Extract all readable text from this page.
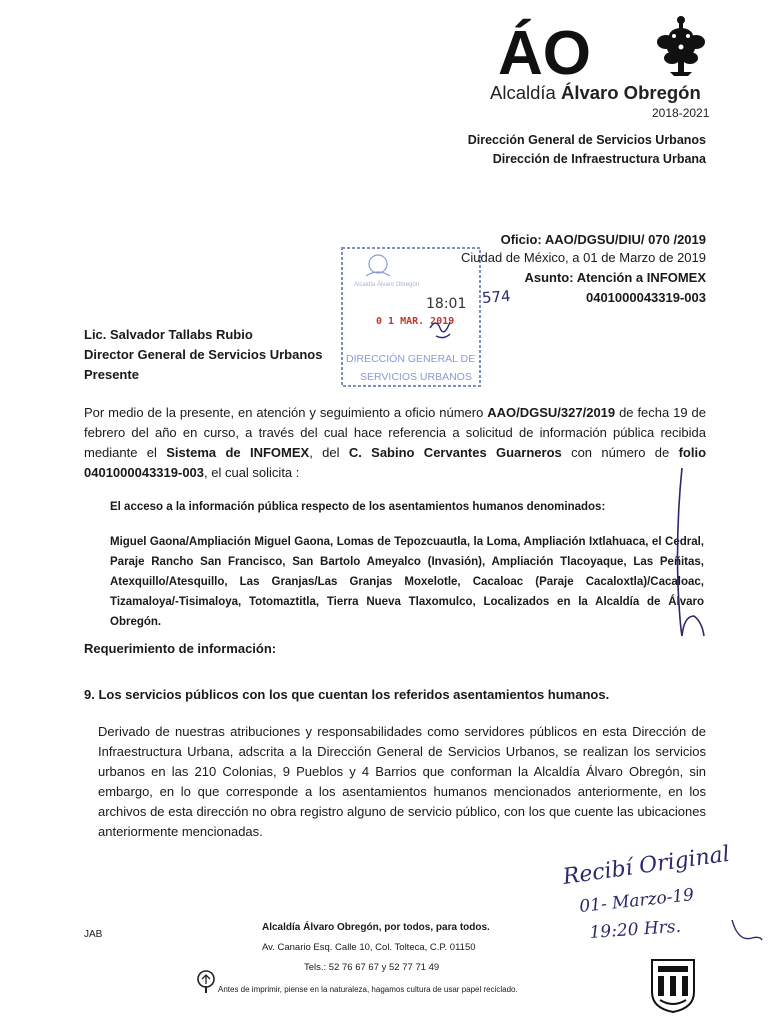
ÁO
Alcaldía Álvaro Obregón
2018-2021
Dirección General de Servicios Urbanos
Dirección de Infraestructura Urbana
Alcaldía Álvaro Obregón
18:01
0 1 MAR. 2019
DIRECCIÓN GENERAL DE
SERVICIOS URBANOS
574
Oficio: AAO/DGSU/DIU/ 070 /2019
Ciudad de México, a 01 de Marzo de 2019
Asunto: Atención a INFOMEX
0401000043319-003
Lic. Salvador Tallabs Rubio
Director General de Servicios Urbanos
Presente
Por medio de la presente, en atención y seguimiento a oficio número AAO/DGSU/327/2019 de fecha 19 de febrero del año en curso, a través del cual hace referencia a solicitud de información pública recibida mediante el Sistema de INFOMEX, del C. Sabino Cervantes Guarneros con número de folio 0401000043319-003, el cual solicita :
El acceso a la información pública respecto de los asentamientos humanos denominados:
Miguel Gaona/Ampliación Miguel Gaona, Lomas de Tepozcuautla, la Loma, Ampliación Ixtlahuaca, el Cedral, Paraje Rancho San Francisco, San Bartolo Ameyalco (Invasión), Ampliación Tlacoyaque, Las Peñitas, Atexquillo/Atesquillo, Las Granjas/Las Granjas Moxelotle, Cacaloac (Paraje Cacaloxtla)/Cacaloac, Tizamaloya/-Tisimaloya, Totomaztitla, Tierra Nueva Tlaxomulco, Localizados en la Alcaldía de Álvaro Obregón.
Requerimiento de información:
9. Los servicios públicos con los que cuentan los referidos asentamientos humanos.
Derivado de nuestras atribuciones y responsabilidades como servidores públicos en esta Dirección de Infraestructura Urbana, adscrita a la Dirección General de Servicios Urbanos, se realizan los servicios urbanos en las 210 Colonias, 9 Pueblos y 4 Barrios que conforman la Alcaldía Álvaro Obregón, sin embargo, en lo que corresponde a los asentamientos humanos mencionados anteriormente, en los archivos de esta dirección no obra registro alguno de servicio público, con los que cuente las ubicaciones anteriormente mencionadas.
Recibí Original
01- Marzo-19
19:20 Hrs.
JAB
Alcaldía Álvaro Obregón, por todos, para todos.
Av. Canario Esq. Calle 10, Col. Tolteca, C.P. 01150
Tels.: 52 76 67 67 y 52 77 71 49
Antes de imprimir, piense en la naturaleza, hagamos cultura de usar papel reciclado.
